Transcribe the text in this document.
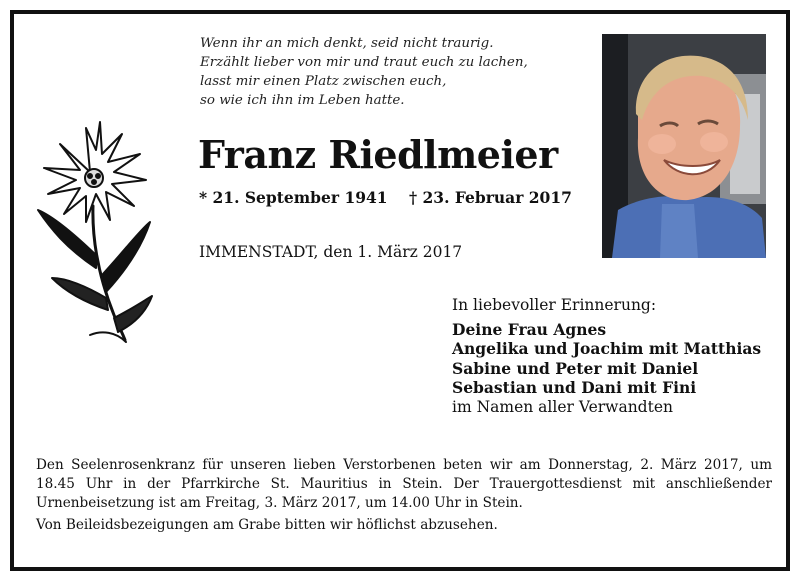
Wenn ihr an mich denkt, seid nicht traurig.
Erzählt lieber von mir und traut euch zu lachen,
lasst mir einen Platz zwischen euch,
so wie ich ihn im Leben hatte.
Franz Riedlmeier
* 21. September 1941 † 23. Februar 2017
IMMENSTADT, den 1. März 2017
In liebevoller Erinnerung:
Deine Frau Agnes
Angelika und Joachim mit Matthias
Sabine und Peter mit Daniel
Sebastian und Dani mit Fini
im Namen aller Verwandten

Den Seelenrosenkranz für unseren lieben Verstorbenen beten wir am Donnerstag, 2. März 2017, um 18.45 Uhr in der Pfarrkirche St. Mauritius in Stein. Der Trauergottesdienst mit anschließender Urnenbeisetzung ist am Freitag, 3. März 2017, um 14.00 Uhr in Stein.

Von Beileidsbezeigungen am Grabe bitten wir höflichst abzusehen.
